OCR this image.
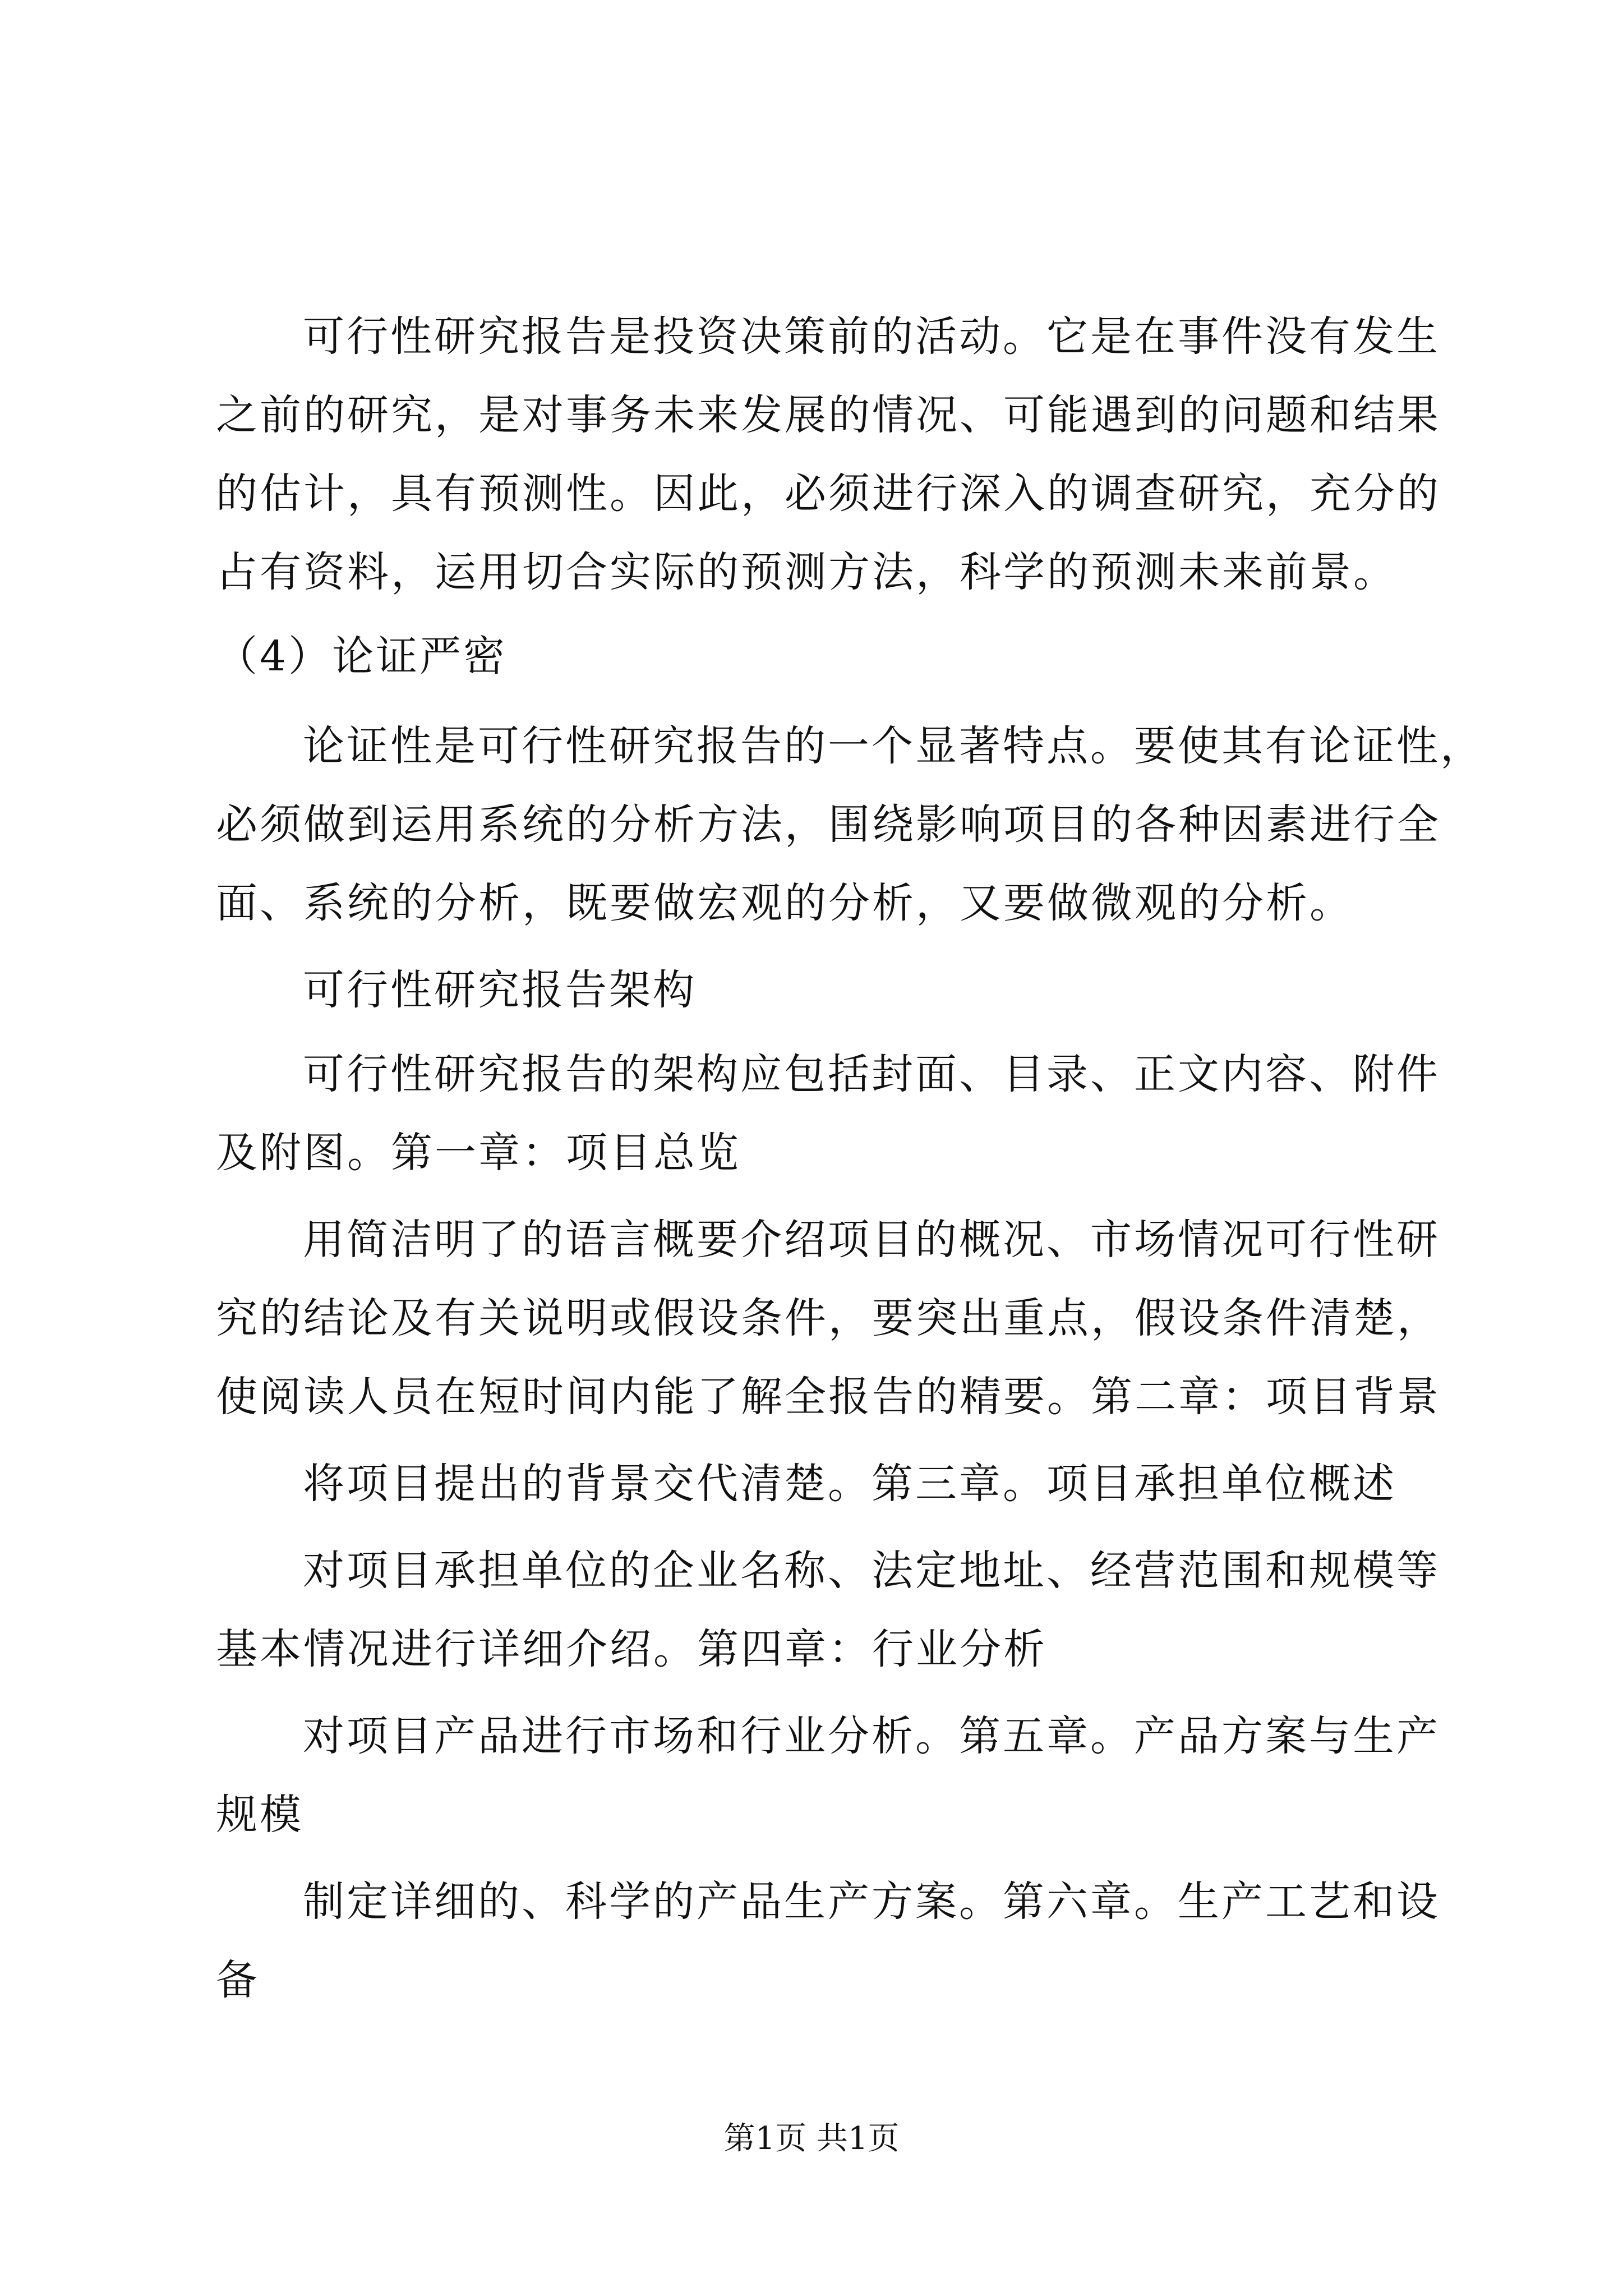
可行性研究报告是投资决策前的活动。它是在事件没有发生
之前的研究，是对事务未来发展的情况、可能遇到的问题和结果
的估计，具有预测性。因此，必须进行深入的调查研究，充分的
占有资料，运用切合实际的预测方法，科学的预测未来前景。
（4）论证严密
论证性是可行性研究报告的一个显著特点。要使其有论证性，
必须做到运用系统的分析方法，围绕影响项目的各种因素进行全
面、系统的分析，既要做宏观的分析，又要做微观的分析。
可行性研究报告架构
可行性研究报告的架构应包括封面、目录、正文内容、附件
及附图。第一章：项目总览
用简洁明了的语言概要介绍项目的概况、市场情况可行性研
究的结论及有关说明或假设条件，要突出重点，假设条件清楚，
使阅读人员在短时间内能了解全报告的精要。第二章：项目背景
将项目提出的背景交代清楚。第三章。项目承担单位概述
对项目承担单位的企业名称、法定地址、经营范围和规模等
基本情况进行详细介绍。第四章：行业分析
对项目产品进行市场和行业分析。第五章。产品方案与生产
规模
制定详细的、科学的产品生产方案。第六章。生产工艺和设
备
第1页 共1页
